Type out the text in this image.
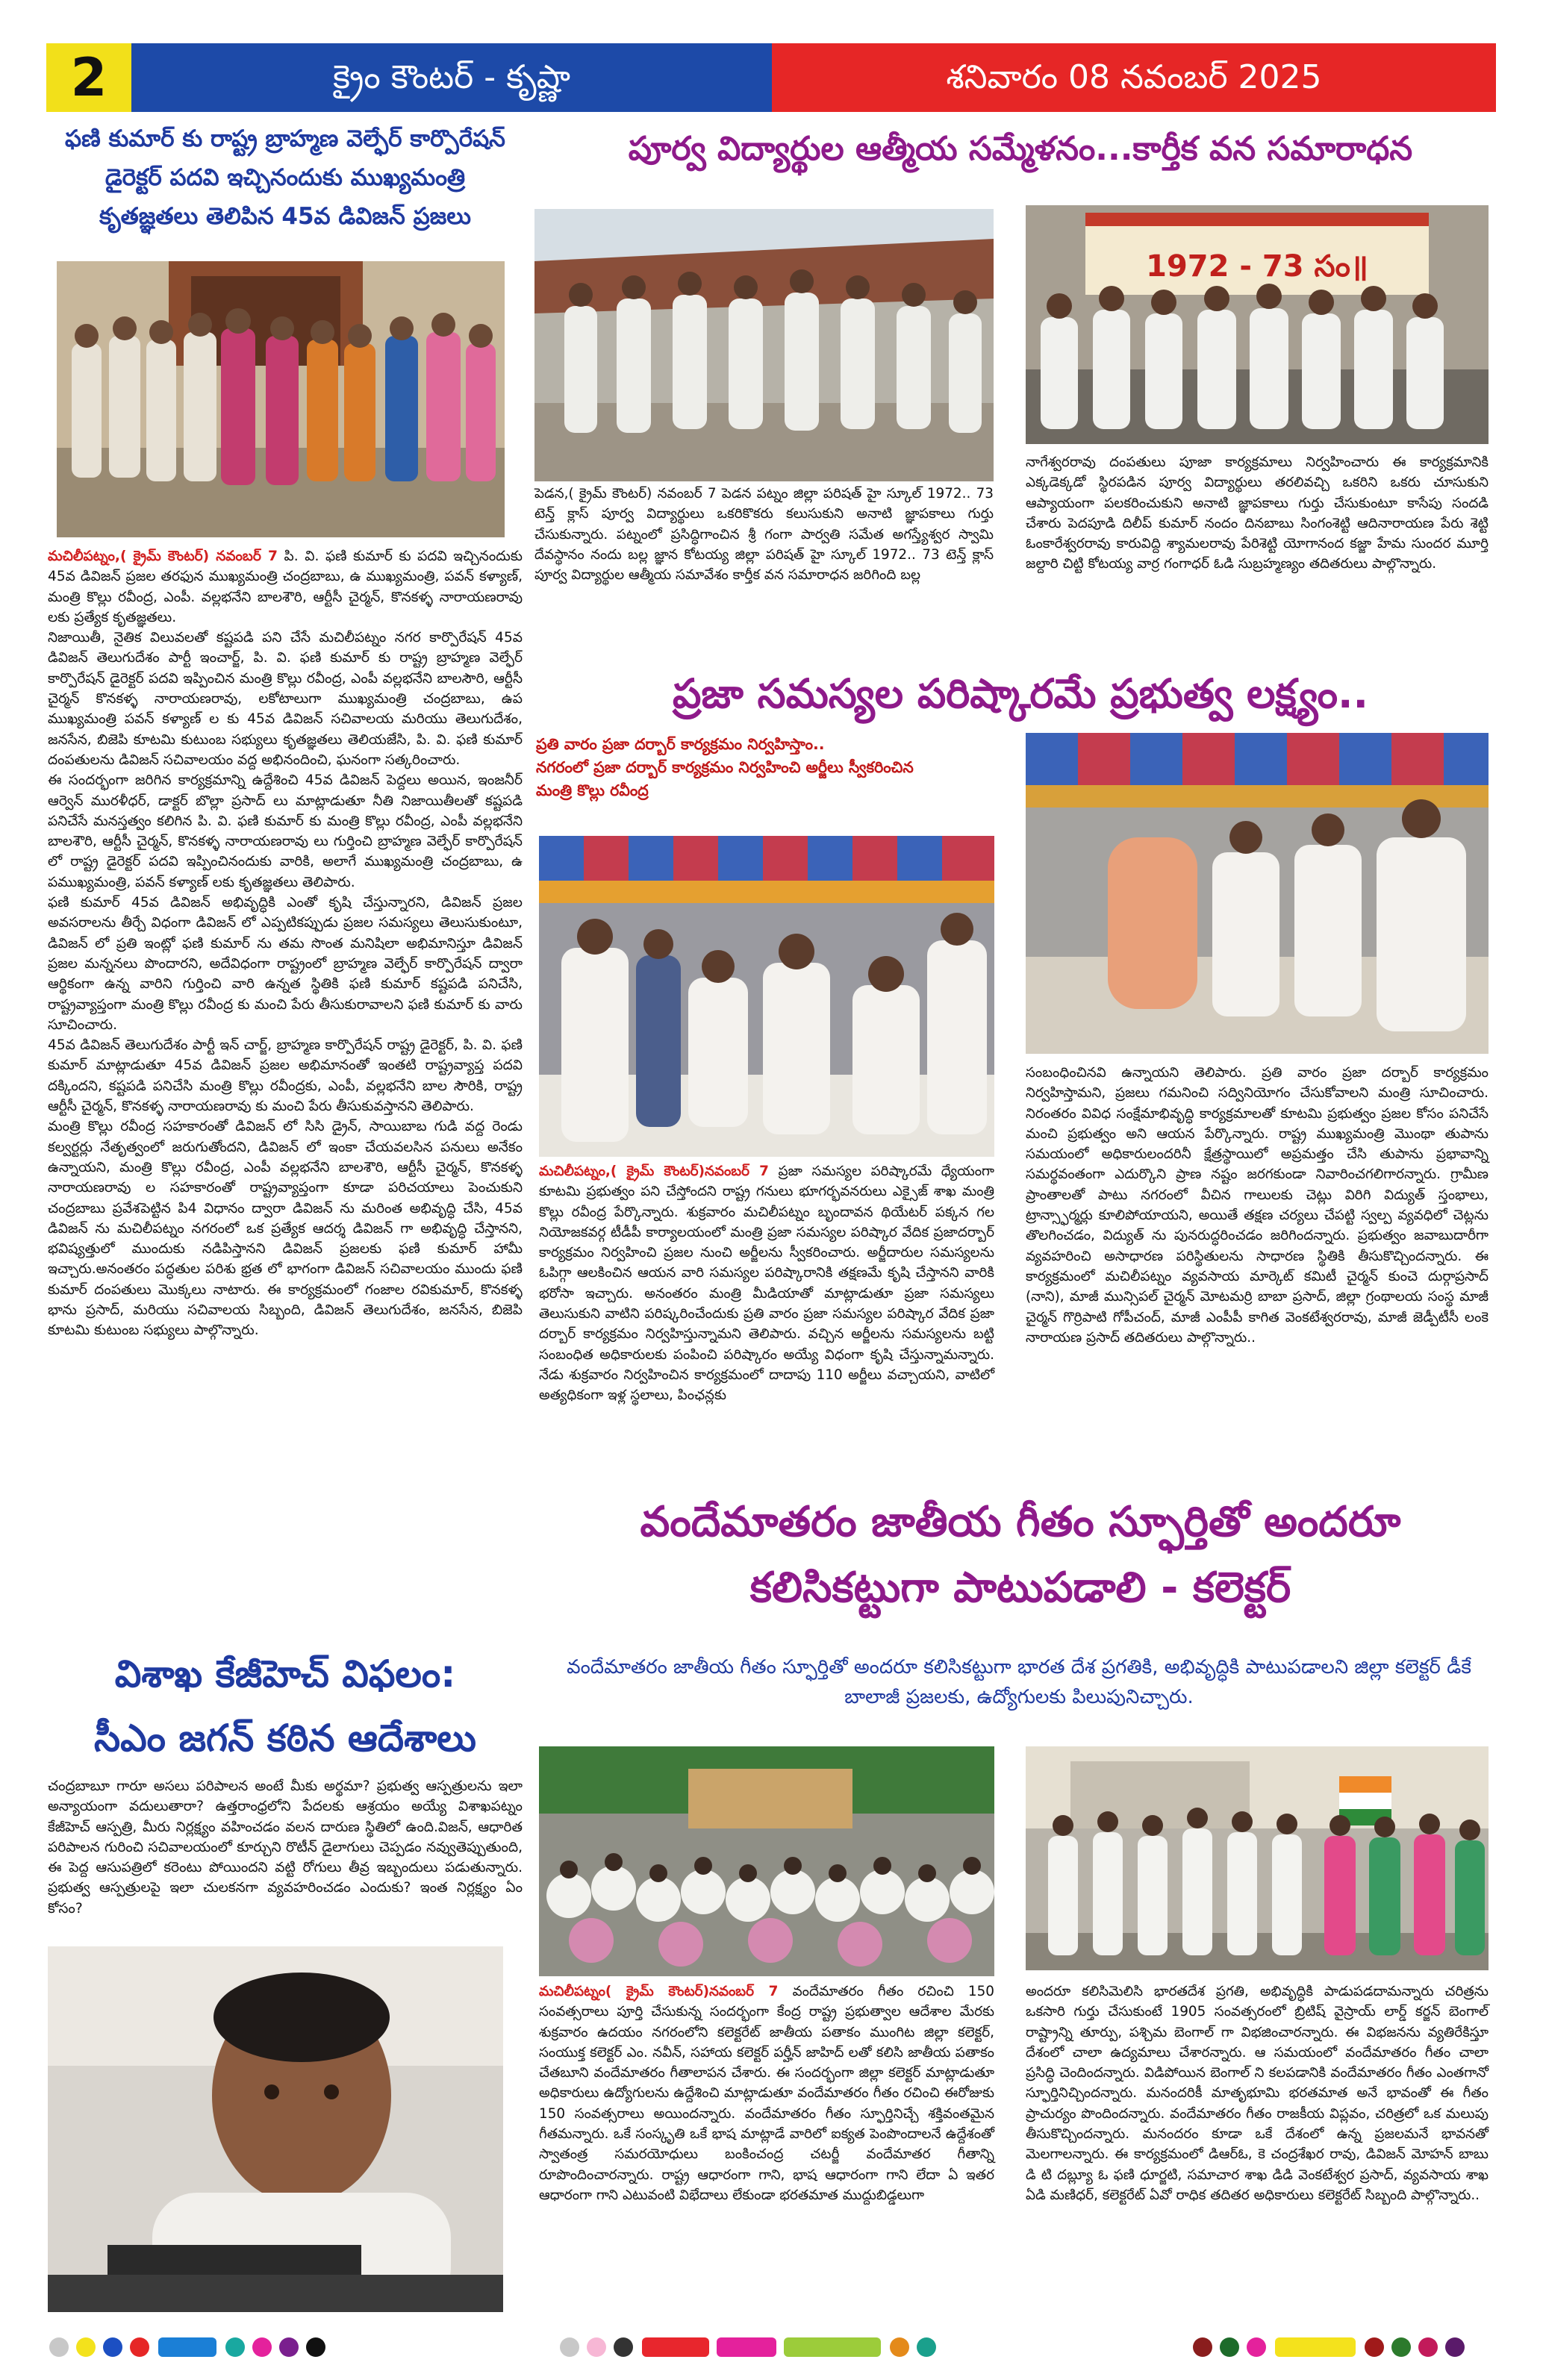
2	క్రైం కౌంటర్ - కృష్ణా	శనివారం 08 నవంబర్ 2025
ఫణి కుమార్ కు రాష్ట్ర బ్రాహ్మణ వెల్ఫేర్ కార్పొరేషన్
డైరెక్టర్ పదవి ఇచ్చినందుకు ముఖ్యమంత్రి
కృతజ్ఞతలు తెలిపిన 45వ డివిజన్ ప్రజలు

మచిలీపట్నం,( క్రైమ్ కౌంటర్) నవంబర్ 7 పి. వి. ఫణి కుమార్ కు పదవి ఇచ్చినందుకు 45వ డివిజన్ ప్రజల తరఫున ముఖ్యమంత్రి చంద్రబాబు, ఉ ముఖ్యమంత్రి, పవన్ కళ్యాణ్, మంత్రి కొల్లు రవీంద్ర, ఎంపీ. వల్లభనేని బాలశౌరి, ఆర్టీసీ చైర్మన్, కొనకళ్ళ నారాయణరావు లకు ప్రత్యేక కృతజ్ఞతలు.

నిజాయితీ, నైతిక విలువలతో కష్టపడి పని చేసే మచిలీపట్నం నగర కార్పొరేషన్ 45వ డివిజన్ తెలుగుదేశం పార్టీ ఇంచార్జ్, పి. వి. ఫణి కుమార్ కు రాష్ట్ర బ్రాహ్మణ వెల్ఫేర్ కార్పొరేషన్ డైరెక్టర్ పదవి ఇప్పించిన మంత్రి కొల్లు రవీంద్ర, ఎంపీ వల్లభనేని బాలసౌరి, ఆర్టీసీ చైర్మన్ కొనకళ్ళ నారాయణరావు, లకోటాలుగా ముఖ్యమంత్రి చంద్రబాబు, ఉప ముఖ్యమంత్రి పవన్ కళ్యాణ్ ల కు 45వ డివిజన్ సచివాలయ మరియు తెలుగుదేశం, జనసేన, బిజెపి కూటమి కుటుంబ సభ్యులు కృతజ్ఞతలు తెలియజేసి, పి. వి. ఫణి కుమార్ దంపతులను డివిజన్ సచివాలయం వద్ద అభినందించి, ఘనంగా సత్కరించారు.

ఈ సందర్భంగా జరిగిన కార్యక్రమాన్ని ఉద్దేశించి 45వ డివిజన్ పెద్దలు అయిన, ఇంజనీర్ ఆర్వెన్ మురళీధర్, డాక్టర్ బొల్లా ప్రసాద్ లు మాట్లాడుతూ నీతి నిజాయితీలతో కష్టపడి పనిచేసే మనస్తత్వం కలిగిన పి. వి. ఫణి కుమార్ కు మంత్రి కొల్లు రవీంద్ర, ఎంపీ వల్లభనేని బాలశౌరి, ఆర్టీసీ చైర్మన్, కొనకళ్ళ నారాయణరావు లు గుర్తించి బ్రాహ్మణ వెల్ఫేర్ కార్పొరేషన్ లో రాష్ట్ర డైరెక్టర్ పదవి ఇప్పించినందుకు వారికి, అలాగే ముఖ్యమంత్రి చంద్రబాబు, ఉ పముఖ్యమంత్రి, పవన్ కళ్యాణ్ లకు కృతజ్ఞతలు తెలిపారు.

ఫణి కుమార్ 45వ డివిజన్ అభివృద్ధికి ఎంతో కృషి చేస్తున్నారని, డివిజన్ ప్రజల అవసరాలను తీర్చే విధంగా డివిజన్ లో ఎప్పటికప్పుడు ప్రజల సమస్యలు తెలుసుకుంటూ, డివిజన్ లో ప్రతి ఇంట్లో ఫణి కుమార్ ను తమ సొంత మనిషిలా అభిమానిస్తూ డివిజన్ ప్రజల మన్ననలు పొందారని, అదేవిధంగా రాష్ట్రంలో బ్రాహ్మణ వెల్ఫేర్ కార్పొరేషన్ ద్వారా ఆర్థికంగా ఉన్న వారిని గుర్తించి వారి ఉన్నత స్థితికి ఫణి కుమార్ కష్టపడి పనిచేసి, రాష్ట్రవ్యాప్తంగా మంత్రి కొల్లు రవీంద్ర కు మంచి పేరు తీసుకురావాలని ఫణి కుమార్ కు వారు సూచించారు.

45వ డివిజన్ తెలుగుదేశం పార్టీ ఇన్ చార్జ్, బ్రాహ్మణ కార్పొరేషన్ రాష్ట్ర డైరెక్టర్, పి. వి. ఫణి కుమార్ మాట్లాడుతూ 45వ డివిజన్ ప్రజల అభిమానంతో ఇంతటి రాష్ట్రవ్యాప్త పదవి దక్కిందని, కష్టపడి పనిచేసి మంత్రి కొల్లు రవీంద్రకు, ఎంపీ, వల్లభనేని బాల సౌరికి, రాష్ట్ర ఆర్టీసీ చైర్మన్, కొనకళ్ళ నారాయణరావు కు మంచి పేరు తీసుకువస్తానని తెలిపారు.

మంత్రి కొల్లు రవీంద్ర సహకారంతో డివిజన్ లో సిసి డ్రైన్, సాయిబాబ గుడి వద్ద రెండు కల్వర్టర్లు నేతృత్వంలో జరుగుతోందని, డివిజన్ లో ఇంకా చేయవలసిన పనులు అనేకం ఉన్నాయని, మంత్రి కొల్లు రవీంద్ర, ఎంపీ వల్లభనేని బాలశౌరి, ఆర్టీసీ చైర్మన్, కొనకళ్ళ నారాయణరావు ల సహకారంతో రాష్ట్రవ్యాప్తంగా కూడా పరిచయాలు పెంచుకుని చంద్రబాబు ప్రవేశపెట్టిన పి4 విధానం ద్వారా డివిజన్ ను మరింత అభివృద్ధి చేసి, 45వ డివిజన్ ను మచిలీపట్నం నగరంలో ఒక ప్రత్యేక ఆదర్శ డివిజన్ గా అభివృద్ధి చేస్తానని, భవిష్యత్తులో ముందుకు నడిపిస్తానని డివిజన్ ప్రజలకు ఫణి కుమార్ హామీ ఇచ్చారు.అనంతరం పద్ధతుల పరిశు భ్రత లో భాగంగా డివిజన్ సచివాలయం ముందు ఫణి కుమార్ దంపతులు మొక్కలు నాటారు. ఈ కార్యక్రమంలో గంజాల రవికుమార్, కొనకళ్ళ భాను ప్రసాద్, మరియు సచివాలయ సిబ్బంది, డివిజన్ తెలుగుదేశం, జనసేన, బిజెపి కూటమి కుటుంబ సభ్యులు పాల్గొన్నారు.

విశాఖ కేజీహెచ్ విఫలం:
సీఎం జగన్ కఠిన ఆదేశాలు
చంద్రబాబూ గారూ అసలు పరిపాలన అంటే మీకు అర్థమా? ప్రభుత్వ ఆస్పత్రులను ఇలా అన్యాయంగా వదులుతారా? ఉత్తరాంధ్రలోని పేదలకు ఆశ్రయం అయ్యే విశాఖపట్నం కేజీహెచ్ ఆస్పత్రి, మీరు నిర్లక్ష్యం వహించడం వలన దారుణ స్థితిలో ఉంది.విజన్, ఆధారిత పరిపాలన గురించి సచివాలయంలో కూర్చుని రొటీన్ డైలాగులు చెప్పడం నవ్వుతెప్పుతుంది, ఈ పెద్ద ఆసుపత్రిలో కరెంటు పోయిందని వట్టి రోగులు తీవ్ర ఇబ్బందులు పడుతున్నారు. ప్రభుత్వ ఆస్పత్రులపై ఇలా చులకనగా వ్యవహరించడం ఎందుకు? ఇంత నిర్లక్ష్యం ఏం కోసం?
పూర్వ విద్యార్థుల ఆత్మీయ సమ్మేళనం...కార్తీక వన సమారాధన
1972 - 73 సం॥
పెడన,( క్రైమ్ కౌంటర్) నవంబర్ 7 పెడన పట్నం జిల్లా పరిషత్ హై స్కూల్ 1972.. 73 టెన్త్ క్లాస్ పూర్వ విద్యార్థులు ఒకరికొకరు కలుసుకుని అనాటి జ్ఞాపకాలు గుర్తు చేసుకున్నారు. పట్నంలో ప్రసిద్ధిగాంచిన శ్రీ గంగా పార్వతి సమేత అగస్త్యేశ్వర స్వామి దేవస్థానం నందు బల్ల జ్ఞాన కోటయ్య జిల్లా పరిషత్ హై స్కూల్ 1972.. 73 టెన్త్ క్లాస్ పూర్వ విద్యార్థుల ఆత్మీయ సమావేశం కార్తీక వన సమారాధన జరిగింది బల్ల
నాగేశ్వరరావు దంపతులు పూజా కార్యక్రమాలు నిర్వహించారు ఈ కార్యక్రమానికి ఎక్కడెక్కడో స్థిరపడిన పూర్వ విద్యార్థులు తరలివచ్చి ఒకరిని ఒకరు చూసుకుని ఆప్యాయంగా పలకరించుకుని అనాటి జ్ఞాపకాలు గుర్తు చేసుకుంటూ కాసేపు సందడి చేశారు పెదపూడి దిలీప్ కుమార్ నందం దినబాబు సింగంశెట్టి ఆదినారాయణ పేరు శెట్టి ఓంకారేశ్వరరావు కారువిద్ది శ్యామలరావు పేరిశెట్టి యోగానంద కజ్జా హేమ సుందర మూర్తి జల్దారి చిట్టి కోటయ్య వార్ర గంగాధర్ ఓడి సుబ్రహ్మణ్యం తదితరులు పాల్గొన్నారు.
ప్రజా సమస్యల పరిష్కారమే ప్రభుత్వ లక్ష్యం..
ప్రతి వారం ప్రజా దర్బార్ కార్యక్రమం నిర్వహిస్తాం..
నగరంలో ప్రజా దర్బార్ కార్యక్రమం నిర్వహించి అర్జీలు స్వీకరించిన
మంత్రి కొల్లు రవీంద్ర
మచిలీపట్నం,( క్రైమ్ కౌంటర్)నవంబర్ 7 ప్రజా సమస్యల పరిష్కారమే ధ్యేయంగా కూటమి ప్రభుత్వం పని చేస్తోందని రాష్ట్ర గనులు భూగర్భవనరులు ఎక్సైజ్ శాఖ మంత్రి కొల్లు రవీంద్ర పేర్కొన్నారు. శుక్రవారం మచిలీపట్నం బృందావన థియేటర్ పక్కన గల నియోజకవర్గ టీడీపీ కార్యాలయంలో మంత్రి ప్రజా సమస్యల పరిష్కార వేదిక ప్రజాదర్బార్ కార్యక్రమం నిర్వహించి ప్రజల నుంచి అర్జీలను స్వీకరించారు. అర్జీదారుల సమస్యలను ఓపిగ్గా ఆలకించిన ఆయన వారి సమస్యల పరిష్కారానికి తక్షణమే కృషి చేస్తానని వారికి భరోసా ఇచ్చారు. అనంతరం మంత్రి మీడియాతో మాట్లాడుతూ ప్రజా సమస్యలు తెలుసుకుని వాటిని పరిష్కరించేందుకు ప్రతి వారం ప్రజా సమస్యల పరిష్కార వేదిక ప్రజా దర్బార్ కార్యక్రమం నిర్వహిస్తున్నామని తెలిపారు. వచ్చిన అర్జీలను సమస్యలను బట్టి సంబంధిత అధికారులకు పంపించి పరిష్కారం అయ్యే విధంగా కృషి చేస్తున్నామన్నారు. నేడు శుక్రవారం నిర్వహించిన కార్యక్రమంలో దాదాపు 110 అర్జీలు వచ్చాయని, వాటిలో అత్యధికంగా ఇళ్ల స్థలాలు, పింఛన్లకు
సంబంధించినవి ఉన్నాయని తెలిపారు. ప్రతి వారం ప్రజా దర్బార్ కార్యక్రమం నిర్వహిస్తామని, ప్రజలు గమనించి సద్వినియోగం చేసుకోవాలని మంత్రి సూచించారు. నిరంతరం వివిధ సంక్షేమాభివృద్ధి కార్యక్రమాలతో కూటమి ప్రభుత్వం ప్రజల కోసం పనిచేసే మంచి ప్రభుత్వం అని ఆయన పేర్కొన్నారు. రాష్ట్ర ముఖ్యమంత్రి మొంథా తుపాను సమయంలో అధికారులందరినీ క్షేత్రస్థాయిలో అప్రమత్తం చేసి తుపాను ప్రభావాన్ని సమర్థవంతంగా ఎదుర్కొని ప్రాణ నష్టం జరగకుండా నివారించగలిగారన్నారు. గ్రామీణ ప్రాంతాలతో పాటు నగరంలో వీచిన గాలులకు చెట్లు విరిగి విద్యుత్ స్తంభాలు, ట్రాన్స్ఫార్మర్లు కూలిపోయాయని, అయితే తక్షణ చర్యలు చేపట్టి స్వల్ప వ్యవధిలో చెట్లను తొలగించడం, విద్యుత్ ను పునరుద్ధరించడం జరిగిందన్నారు. ప్రభుత్వం జవాబుదారీగా వ్యవహరించి అసాధారణ పరిస్థితులను సాధారణ స్థితికి తీసుకొచ్చిందన్నారు. ఈ కార్యక్రమంలో మచిలీపట్నం వ్యవసాయ మార్కెట్ కమిటీ చైర్మన్ కుంచె దుర్గాప్రసాద్ (నాని), మాజీ మున్సిపల్ చైర్మన్ మోటమర్రి బాబా ప్రసాద్, జిల్లా గ్రంథాలయ సంస్థ మాజీ చైర్మన్ గొర్రిపాటి గోపీచంద్, మాజీ ఎంపీపీ కాగిత వెంకటేశ్వరరావు, మాజీ జెడ్పీటీసీ లంకె నారాయణ ప్రసాద్ తదితరులు పాల్గొన్నారు..
వందేమాతరం జాతీయ గీతం స్ఫూర్తితో అందరూ
కలిసికట్టుగా పాటుపడాలి - కలెక్టర్
వందేమాతరం జాతీయ గీతం స్ఫూర్తితో అందరూ కలిసికట్టుగా భారత దేశ ప్రగతికి, అభివృద్ధికి పాటుపడాలని జిల్లా కలెక్టర్ డీకే బాలాజీ ప్రజలకు, ఉద్యోగులకు పిలుపునిచ్చారు.
మచిలీపట్నం( క్రైమ్ కౌంటర్)నవంబర్ 7 వందేమాతరం గీతం రచించి 150 సంవత్సరాలు పూర్తి చేసుకున్న సందర్భంగా కేంద్ర రాష్ట్ర ప్రభుత్వాల ఆదేశాల మేరకు శుక్రవారం ఉదయం నగరంలోని కలెక్టరేట్ జాతీయ పతాకం ముంగిట జిల్లా కలెక్టర్, సంయుక్త కలెక్టర్ ఎం. నవీన్, సహాయ కలెక్టర్ పర్హీన్ జాహిద్ లతో కలిసి జాతీయ పతాకం చేతబూని వందేమాతరం గీతాలాపన చేశారు. ఈ సందర్భంగా జిల్లా కలెక్టర్ మాట్లాడుతూ అధికారులు ఉద్యోగులను ఉద్దేశించి మాట్లాడుతూ వందేమాతరం గీతం రచించి ఈరోజుకు 150 సంవత్సరాలు అయిందన్నారు. వందేమాతరం గీతం స్ఫూర్తినిచ్చే శక్తివంతమైన గీతమన్నారు. ఒకే సంస్కృతి ఒకే భాష మాట్లాడే వారిలో ఐక్యత పెంపొందాలనే ఉద్దేశంతో స్వాతంత్ర సమరయోధులు బంకించంద్ర చటర్జీ వందేమాతర గీతాన్ని రూపొందించారన్నారు. రాష్ట్ర ఆధారంగా గాని, భాష ఆధారంగా గాని లేదా ఏ ఇతర ఆధారంగా గాని ఎటువంటి విభేదాలు లేకుండా భరతమాత ముద్దుబిడ్డలుగా
అందరూ కలిసిమెలిసి భారతదేశ ప్రగతి, అభివృద్ధికి పాడుపడదామన్నారు చరిత్రను ఒకసారి గుర్తు చేసుకుంటే 1905 సంవత్సరంలో బ్రిటిష్ వైస్రాయ్ లార్డ్ కర్జన్ బెంగాల్ రాష్ట్రాన్ని తూర్పు, పశ్చిమ బెంగాల్ గా విభజించారన్నారు. ఈ విభజనను వ్యతిరేకిస్తూ దేశంలో చాలా ఉద్యమాలు చేశారన్నారు. ఆ సమయంలో వందేమాతరం గీతం చాలా ప్రసిద్ధి చెందిందన్నారు. విడిపోయిన బెంగాల్ ని కలపడానికి వందేమాతరం గీతం ఎంతగానో స్ఫూర్తినిచ్చిందన్నారు. మనందరికీ మాతృభూమి భరతమాత అనే భావంతో ఈ గీతం ప్రాచుర్యం పొందిందన్నారు. వందేమాతరం గీతం రాజకీయ విప్లవం, చరిత్రలో ఒక మలుపు తీసుకొచ్చిందన్నారు. మనందరం కూడా ఒకే దేశంలో ఉన్న ప్రజలమనే భావనతో మెలగాలన్నారు. ఈ కార్యక్రమంలో డిఆర్ఓ, కె చంద్రశేఖర రావు, డివిజన్ మోహన్ బాబు డి టి దబ్ల్యూ ఓ ఫణి ధూర్జటి, సమాచార శాఖ డిడి వెంకటేశ్వర ప్రసాద్, వ్యవసాయ శాఖ ఏడి మణిధర్, కలెక్టరేట్ ఏవో రాధిక తదితర అధికారులు కలెక్టరేట్ సిబ్బంది పాల్గొన్నారు..
